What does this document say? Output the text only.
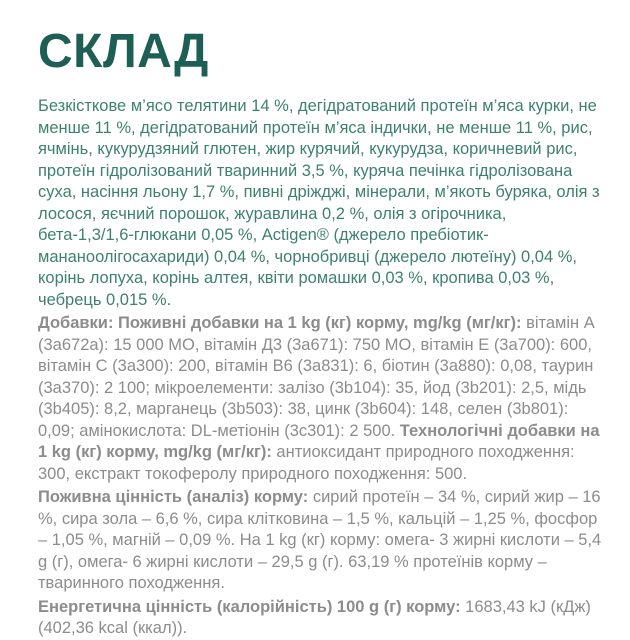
СКЛАД

Безкісткове м’ясо телятини 14 %, дегідратований протеїн м’яса курки, не менше 11 %, дегідратований протеїн м’яса індички, не менше 11 %, рис, ячмінь, кукурудзяний глютен, жир курячий, кукурудза, коричневий рис, протеїн гідролізований тваринний 3,5 %, куряча печінка гідролізована суха, насіння льону 1,7 %, пивні дріжджі, мінерали, м’якоть буряка, олія з лосося, яєчний порошок, журавлина 0,2 %, олія з огірочника, бета-1,3/1,6-глюкани 0,05 %, Actigen® (джерело пребіотик- мананоолігосахариди) 0,04 %, чорнобривці (джерело лютеїну) 0,04 %, корінь лопуха, корінь алтея, квіти ромашки 0,03 %, кропива 0,03 %, чебрець 0,015 %.

Добавки: Поживні добавки на 1 kg (кг) корму, mg/kg (мг/кг): вітамін А (3а672а): 15 000 МО, вітамін Д3 (3а671): 750 МО, вітамін Е (3а700): 600, вітамін С (3а300): 200, вітамін В6 (3а831): 6, біотин (3а880): 0,08, таурин (3а370): 2 100; мікроелементи: залізо (3b104): 35, йод (3b201): 2,5, мідь (3b405): 8,2, марганець (3b503): 38, цинк (3b604): 148, селен (3b801): 0,09; амінокислота: DL-метіонін (3с301): 2 500. Технологічні добавки на 1 kg (кг) корму, mg/kg (мг/кг): антиоксидант природного походження: 300, екстракт токоферолу природного походження: 500.

Поживна цінність (аналіз) корму: сирий протеїн – 34 %, сирий жир – 16 %, сира зола – 6,6 %, сира клітковина – 1,5 %, кальцій – 1,25 %, фосфор – 1,05 %, магній – 0,09 %. На 1 kg (кг) корму: омега- 3 жирні кислоти – 5,4 g (г), омега- 6 жирні кислоти – 29,5 g (г). 63,19 % протеїнів корму – тваринного походження.

Енергетична цінність (калорійність) 100 g (г) корму: 1683,43 kJ (кДж) (402,36 kcal (ккал)).
